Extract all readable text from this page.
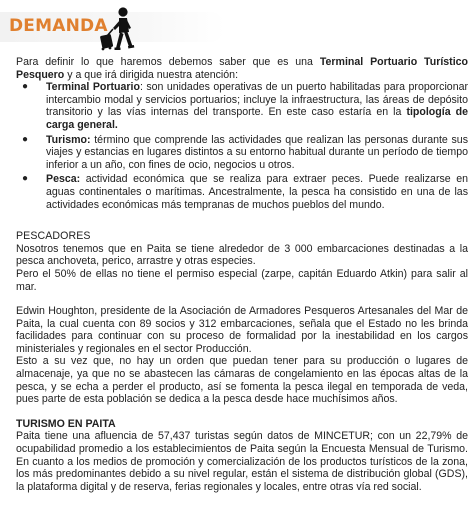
DEMANDA

Para definir lo que haremos debemos saber que es una Terminal Portuario Turístico Pesquero y a que irá dirigida nuestra atención:

● Terminal Portuario: son unidades operativas de un puerto habilitadas para proporcionar intercambio modal y servicios portuarios; incluye la infraestructura, las áreas de depósito transitorio y las vías internas del transporte. En este caso estaría en la tipología de carga general.
● Turismo: término que comprende las actividades que realizan las personas durante sus viajes y estancias en lugares distintos a su entorno habitual durante un período de tiempo inferior a un año, con fines de ocio, negocios u otros.
● Pesca: actividad económica que se realiza para extraer peces. Puede realizarse en aguas continentales o marítimas. Ancestralmente, la pesca ha consistido en una de las actividades económicas más tempranas de muchos pueblos del mundo.

PESCADORES

Nosotros tenemos que en Paita se tiene alrededor de 3 000 embarcaciones destinadas a la pesca anchoveta, perico, arrastre y otras especies.

Pero el 50% de ellas no tiene el permiso especial (zarpe, capitán Eduardo Atkin) para salir al mar.

Edwin Houghton, presidente de la Asociación de Armadores Pesqueros Artesanales del Mar de Paita, la cual cuenta con 89 socios y 312 embarcaciones, señala que el Estado no les brinda facilidades para continuar con su proceso de formalidad por la inestabilidad en los cargos ministeriales y regionales en el sector Producción.

Esto a su vez que, no hay un orden que puedan tener para su producción o lugares de almacenaje, ya que no se abastecen las cámaras de congelamiento en las épocas altas de la pesca, y se echa a perder el producto, así se fomenta la pesca ilegal en temporada de veda, pues parte de esta población se dedica a la pesca desde hace muchísimos años.

TURISMO EN PAITA

Paita tiene una afluencia de 57,437 turistas según datos de MINCETUR; con un 22,79% de ocupabilidad promedio a los establecimientos de Paita según la Encuesta Mensual de Turismo. En cuanto a los medios de promoción y comercialización de los productos turísticos de la zona, los más predominantes debido a su nivel regular, están el sistema de distribución global (GDS), la plataforma digital y de reserva, ferias regionales y locales, entre otras vía red social.
